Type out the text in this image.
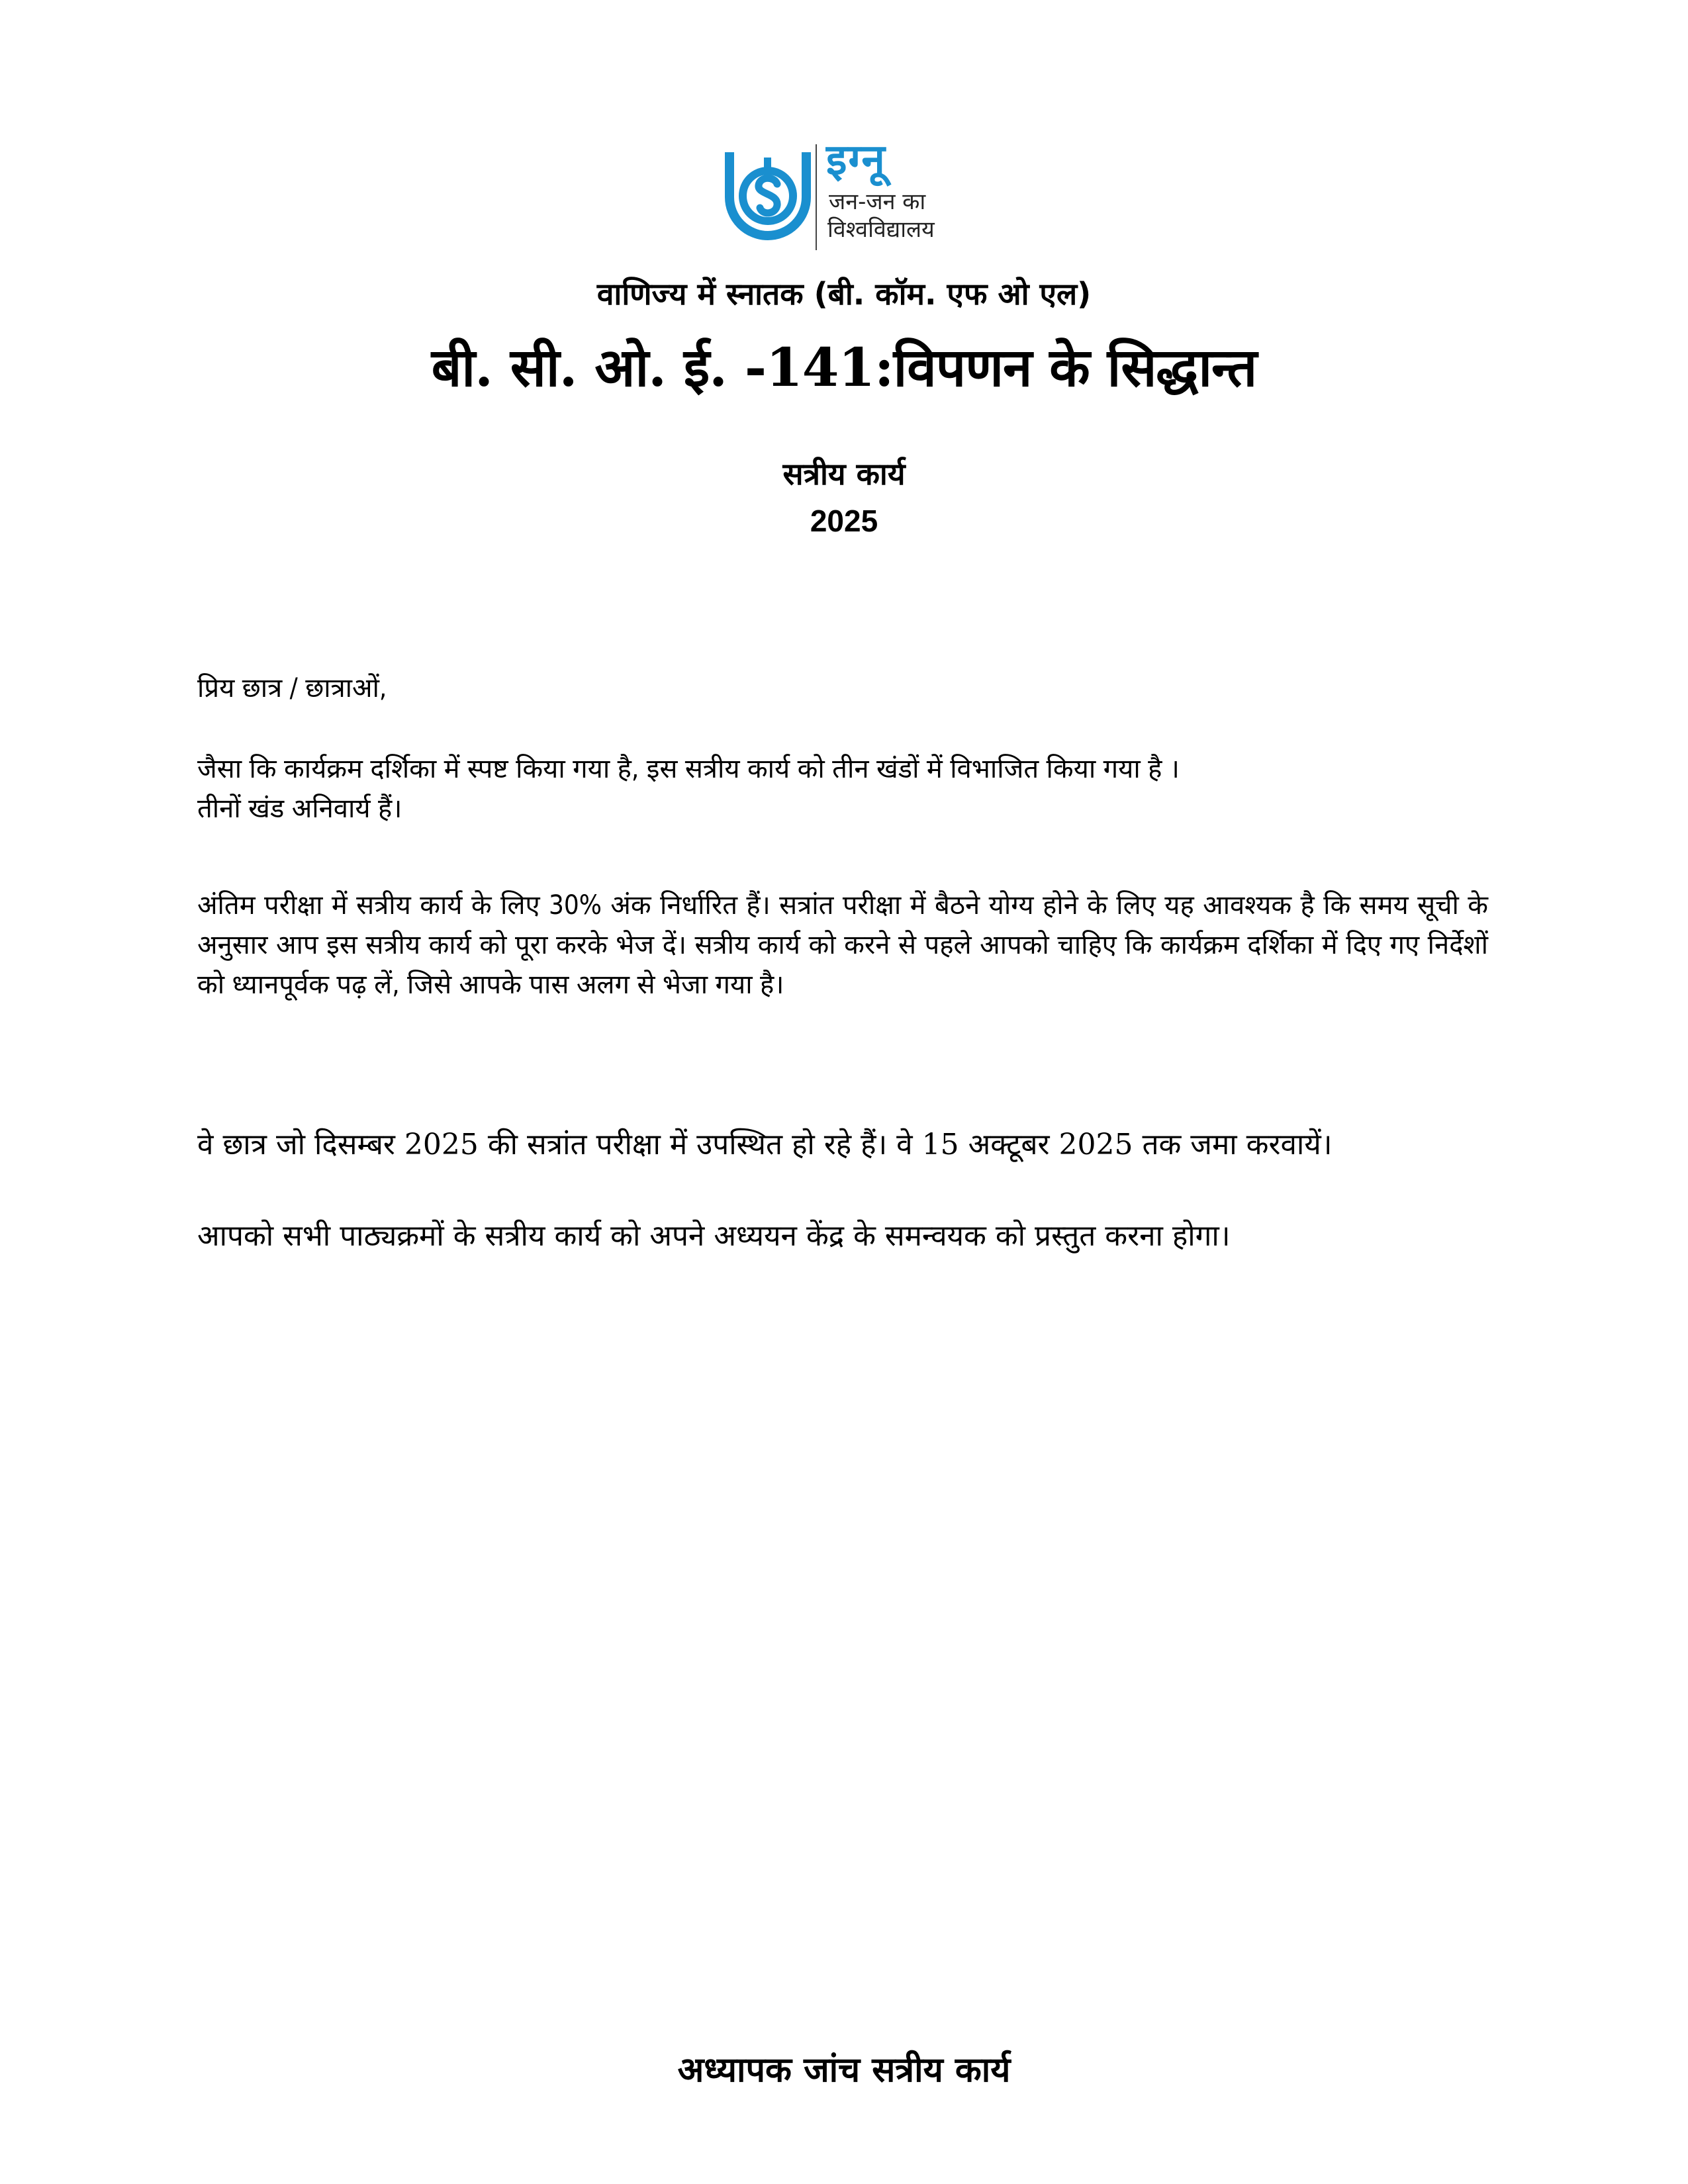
इग्नू
जन-जन का
विश्वविद्यालय
वाणिज्य में स्नातक (बी. कॉम. एफ ओ एल)
बी. सी. ओ. ई. -141:विपणन के सिद्धान्त
सत्रीय कार्य
2025
प्रिय छात्र / छात्राओं,
जैसा कि कार्यक्रम दर्शिका में स्पष्ट किया गया है, इस सत्रीय कार्य को तीन खंडों में विभाजित किया गया है ।
तीनों खंड अनिवार्य हैं।
अंतिम परीक्षा में सत्रीय कार्य के लिए 30% अंक निर्धारित हैं। सत्रांत परीक्षा में बैठने योग्य होने के लिए यह आवश्यक है कि समय सूची के अनुसार आप इस सत्रीय कार्य को पूरा करके भेज दें। सत्रीय कार्य को करने से पहले आपको चाहिए कि कार्यक्रम दर्शिका में दिए गए निर्देशों को ध्यानपूर्वक पढ़ लें, जिसे आपके पास अलग से भेजा गया है।
वे छात्र जो दिसम्बर 2025 की सत्रांत परीक्षा में उपस्थित हो रहे हैं। वे 15 अक्टूबर 2025 तक जमा करवायें।
आपको सभी पाठ्यक्रमों के सत्रीय कार्य को अपने अध्ययन केंद्र के समन्वयक को प्रस्तुत करना होगा।
अध्यापक जांच सत्रीय कार्य
